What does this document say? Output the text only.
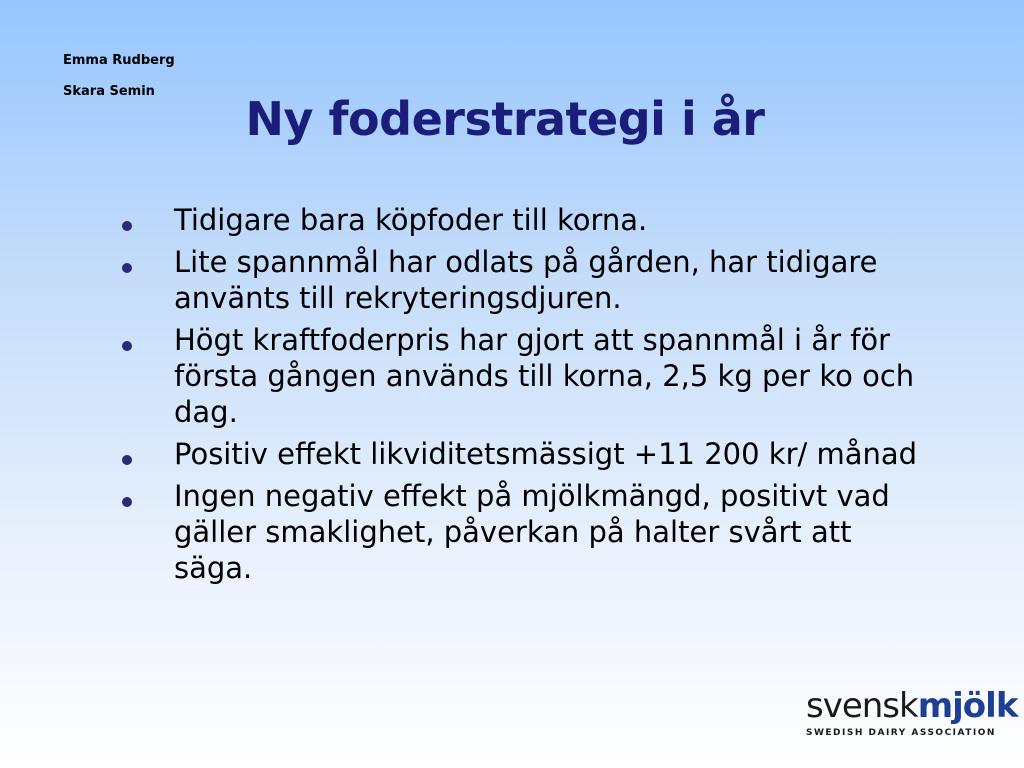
Emma Rudberg
Skara Semin
Ny foderstrategi i år
Tidigare bara köpfoder till korna.
Lite spannmål har odlats på gården, har tidigare använts till rekryteringsdjuren.
Högt kraftfoderpris har gjort att spannmål i år för första gången används till korna, 2,5 kg per ko och dag.
Positiv effekt likviditetsmässigt +11 200 kr/ månad
Ingen negativ effekt på mjölkmängd, positivt vad gäller smaklighet, påverkan på halter svårt att säga.
svenskmjölk
SWEDISH DAIRY ASSOCIATION
